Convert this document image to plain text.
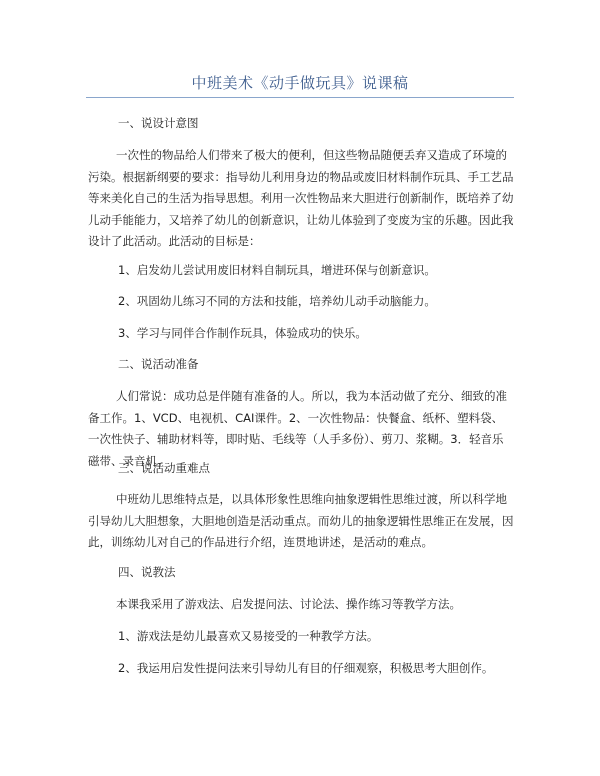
中班美术《动手做玩具》说课稿
一、说设计意图
一次性的物品给人们带来了极大的便利，但这些物品随便丢弃又造成了环境的污染。根据新纲要的要求：指导幼儿利用身边的物品或废旧材料制作玩具、手工艺品等来美化自己的生活为指导思想。利用一次性物品来大胆进行创新制作，既培养了幼儿动手能能力，又培养了幼儿的创新意识，让幼儿体验到了变废为宝的乐趣。因此我设计了此活动。此活动的目标是：
1、启发幼儿尝试用废旧材料自制玩具，增进环保与创新意识。
2、巩固幼儿练习不同的方法和技能，培养幼儿动手动脑能力。
3、学习与同伴合作制作玩具，体验成功的快乐。
二、说活动准备
人们常说：成功总是伴随有准备的人。所以，我为本活动做了充分、细致的准备工作。1、VCD、电视机、CAI课件。2、一次性物品：快餐盒、纸杯、塑料袋、一次性快子、辅助材料等，即时贴、毛线等（人手多份）、剪刀、浆糊。3．轻音乐磁带、录音机。
三、说活动重难点
中班幼儿思维特点是，以具体形象性思维向抽象逻辑性思维过渡，所以科学地引导幼儿大胆想象，大胆地创造是活动重点。而幼儿的抽象逻辑性思维正在发展，因此，训练幼儿对自己的作品进行介绍，连贯地讲述，是活动的难点。
四、说教法
本课我采用了游戏法、启发提问法、讨论法、操作练习等教学方法。
1、游戏法是幼儿最喜欢又易接受的一种教学方法。
2、我运用启发性提问法来引导幼儿有目的仔细观察，积极思考大胆创作。
